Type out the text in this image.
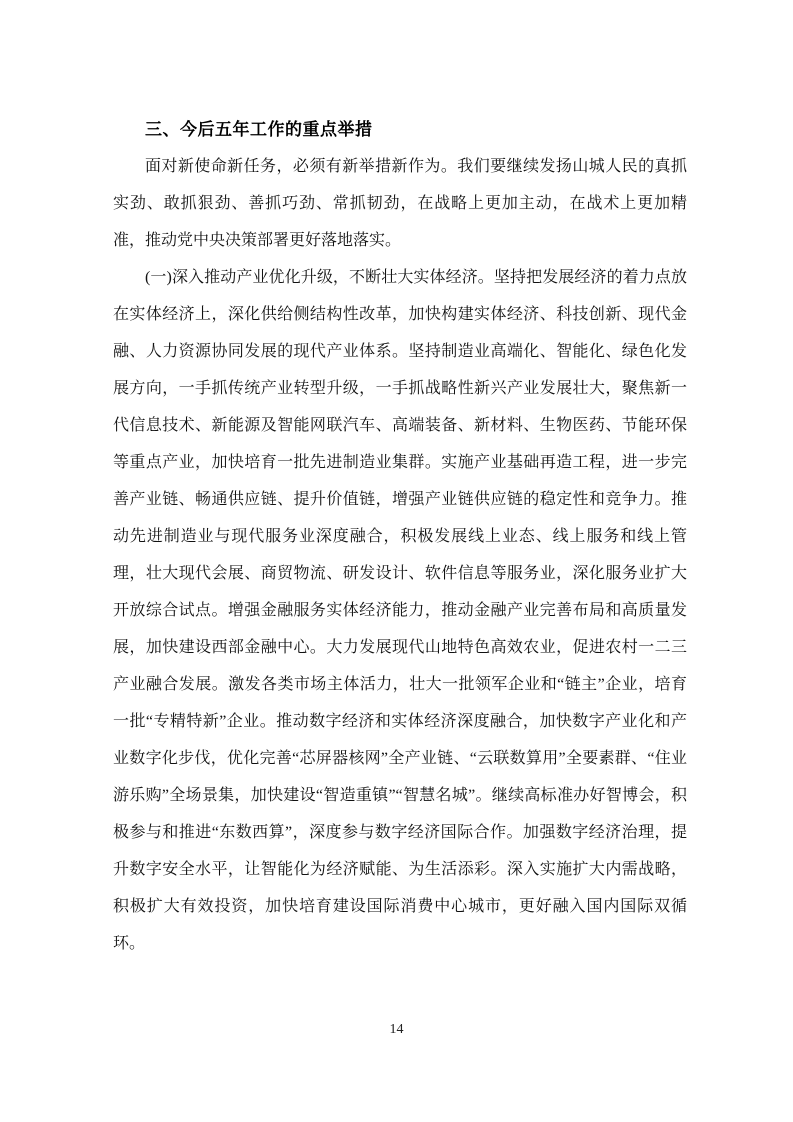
三、今后五年工作的重点举措

面对新使命新任务，必须有新举措新作为。我们要继续发扬山城人民的真抓实劲、敢抓狠劲、善抓巧劲、常抓韧劲，在战略上更加主动，在战术上更加精准，推动党中央决策部署更好落地落实。

(一)深入推动产业优化升级，不断壮大实体经济。坚持把发展经济的着力点放在实体经济上，深化供给侧结构性改革，加快构建实体经济、科技创新、现代金融、人力资源协同发展的现代产业体系。坚持制造业高端化、智能化、绿色化发展方向，一手抓传统产业转型升级，一手抓战略性新兴产业发展壮大，聚焦新一代信息技术、新能源及智能网联汽车、高端装备、新材料、生物医药、节能环保等重点产业，加快培育一批先进制造业集群。实施产业基础再造工程，进一步完善产业链、畅通供应链、提升价值链，增强产业链供应链的稳定性和竞争力。推动先进制造业与现代服务业深度融合，积极发展线上业态、线上服务和线上管理，壮大现代会展、商贸物流、研发设计、软件信息等服务业，深化服务业扩大开放综合试点。增强金融服务实体经济能力，推动金融产业完善布局和高质量发展，加快建设西部金融中心。大力发展现代山地特色高效农业，促进农村一二三产业融合发展。激发各类市场主体活力，壮大一批领军企业和“链主”企业，培育一批“专精特新”企业。推动数字经济和实体经济深度融合，加快数字产业化和产业数字化步伐，优化完善“芯屏器核网”全产业链、“云联数算用”全要素群、“住业游乐购”全场景集，加快建设“智造重镇”“智慧名城”。继续高标准办好智博会，积极参与和推进“东数西算”，深度参与数字经济国际合作。加强数字经济治理，提升数字安全水平，让智能化为经济赋能、为生活添彩。深入实施扩大内需战略，积极扩大有效投资，加快培育建设国际消费中心城市，更好融入国内国际双循环。

14
